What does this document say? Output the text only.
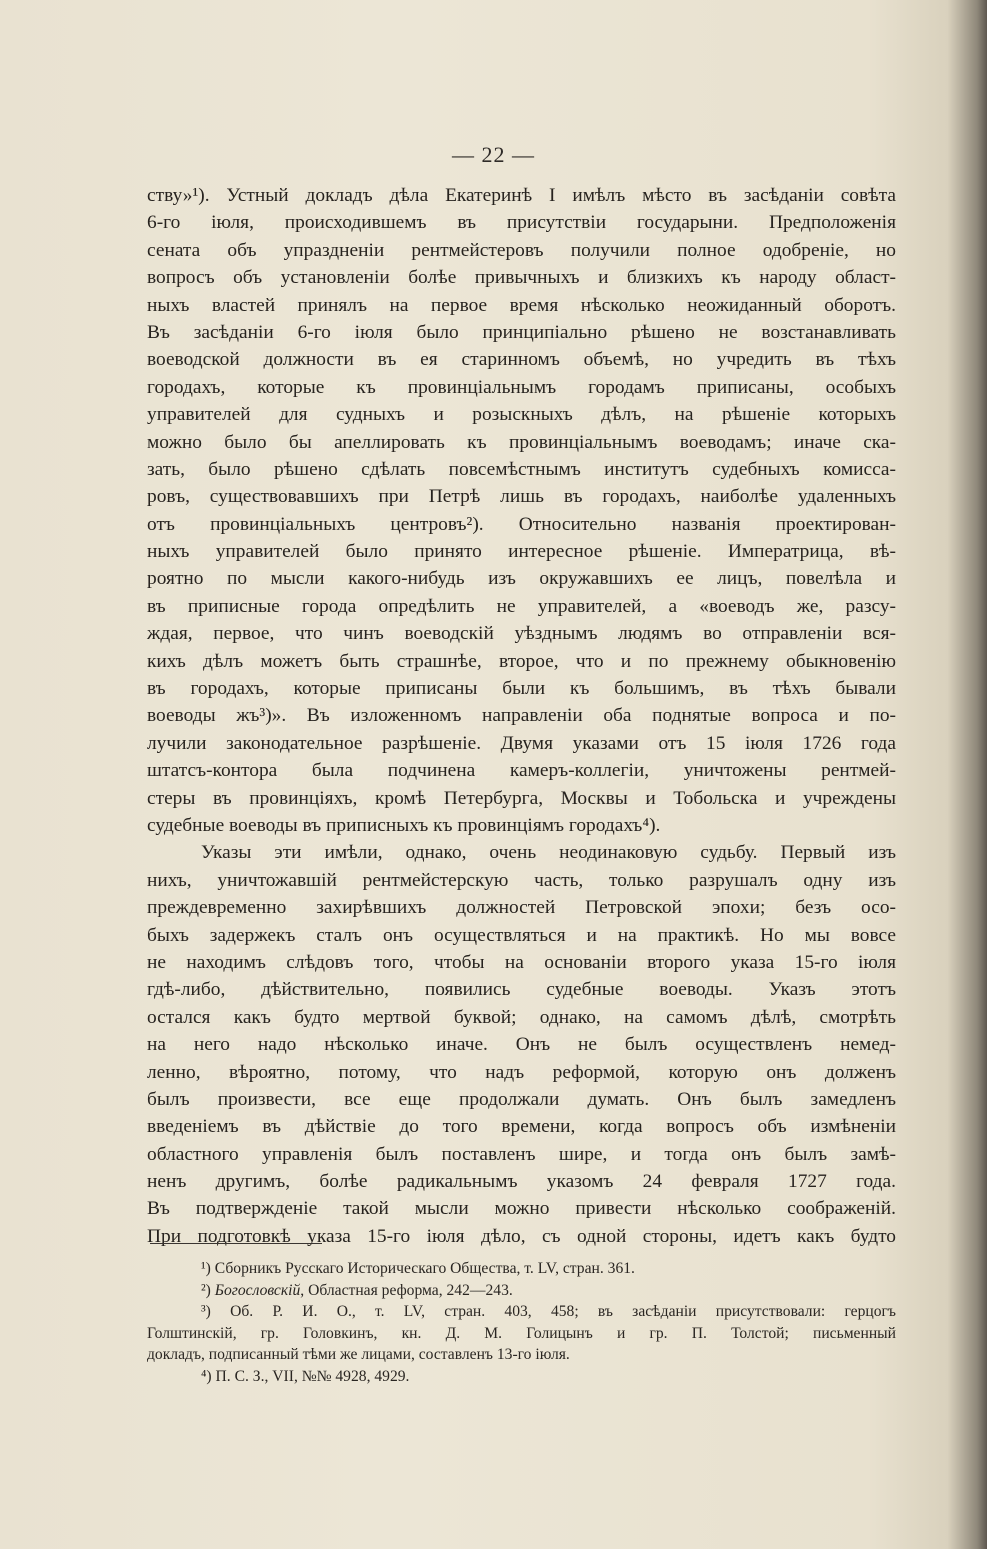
— 22 —
ству»¹). Устный докладъ дѣла Екатеринѣ I имѣлъ мѣсто въ засѣданiи совѣта
6-го iюля, происходившемъ въ присутствiи государыни. Предположенiя
сената объ упраздненiи рентмейстеровъ получили полное одобренiе, но
вопросъ объ установленiи болѣе привычныхъ и близкихъ къ народу област-
ныхъ властей принялъ на первое время нѣсколько неожиданный оборотъ.
Въ засѣданiи 6-го iюля было принципiально рѣшено не возстанавливать
воеводской должности въ ея старинномъ объемѣ, но учредить въ тѣхъ
городахъ, которые къ провинцiальнымъ городамъ приписаны, особыхъ
управителей для судныхъ и розыскныхъ дѣлъ, на рѣшенiе которыхъ
можно было бы апеллировать къ провинцiальнымъ воеводамъ; иначе ска-
зать, было рѣшено сдѣлать повсемѣстнымъ институтъ судебныхъ комисса-
ровъ, существовавшихъ при Петрѣ лишь въ городахъ, наиболѣе удаленныхъ
отъ провинцiальныхъ центровъ²). Относительно названiя проектирован-
ныхъ управителей было принято интересное рѣшенiе. Императрица, вѣ-
роятно по мысли какого-нибудь изъ окружавшихъ ее лицъ, повелѣла и
въ приписные города опредѣлить не управителей, а «воеводъ же, разсу-
ждая, первое, что чинъ воеводскiй уѣзднымъ людямъ во отправленiи вся-
кихъ дѣлъ можетъ быть страшнѣе, второе, что и по прежнему обыкновенiю
въ городахъ, которые приписаны были къ большимъ, въ тѣхъ бывали
воеводы жъ³)». Въ изложенномъ направленiи оба поднятые вопроса и по-
лучили законодательное разрѣшенiе. Двумя указами отъ 15 iюля 1726 года
штатсъ-контора была подчинена камеръ-коллегiи, уничтожены рентмей-
стеры въ провинцiяхъ, кромѣ Петербурга, Москвы и Тобольска и учреждены
судебные воеводы въ приписныхъ къ провинцiямъ городахъ⁴).
Указы эти имѣли, однако, очень неодинаковую судьбу. Первый изъ
нихъ, уничтожавшiй рентмейстерскую часть, только разрушалъ одну изъ
преждевременно захирѣвшихъ должностей Петровской эпохи; безъ осо-
быхъ задержекъ сталъ онъ осуществляться и на практикѣ. Но мы вовсе
не находимъ слѣдовъ того, чтобы на основанiи второго указа 15-го iюля
гдѣ-либо, дѣйствительно, появились судебные воеводы. Указъ этотъ
остался какъ будто мертвой буквой; однако, на самомъ дѣлѣ, смотрѣть
на него надо нѣсколько иначе. Онъ не былъ осуществленъ немед-
ленно, вѣроятно, потому, что надъ реформой, которую онъ долженъ
былъ произвести, все еще продолжали думать. Онъ былъ замедленъ
введенiемъ въ дѣйствiе до того времени, когда вопросъ объ измѣненiи
областного управленiя былъ поставленъ шире, и тогда онъ былъ замѣ-
ненъ другимъ, болѣе радикальнымъ указомъ 24 февраля 1727 года.
Въ подтвержденiе такой мысли можно привести нѣсколько соображенiй.
При подготовкѣ указа 15-го iюля дѣло, съ одной стороны, идетъ какъ будто
¹) Сборникъ Русскаго Историческаго Общества, т. LV, стран. 361.
²) Богословскiй, Областная реформа, 242—243.
³) Об. Р. И. О., т. LV, стран. 403, 458; въ засѣданiи присутствовали: герцогъ
Голштинскiй, гр. Головкинъ, кн. Д. М. Голицынъ и гр. П. Толстой; письменный
докладъ, подписанный тѣми же лицами, составленъ 13-го iюля.
⁴) П. С. З., VII, №№ 4928, 4929.
